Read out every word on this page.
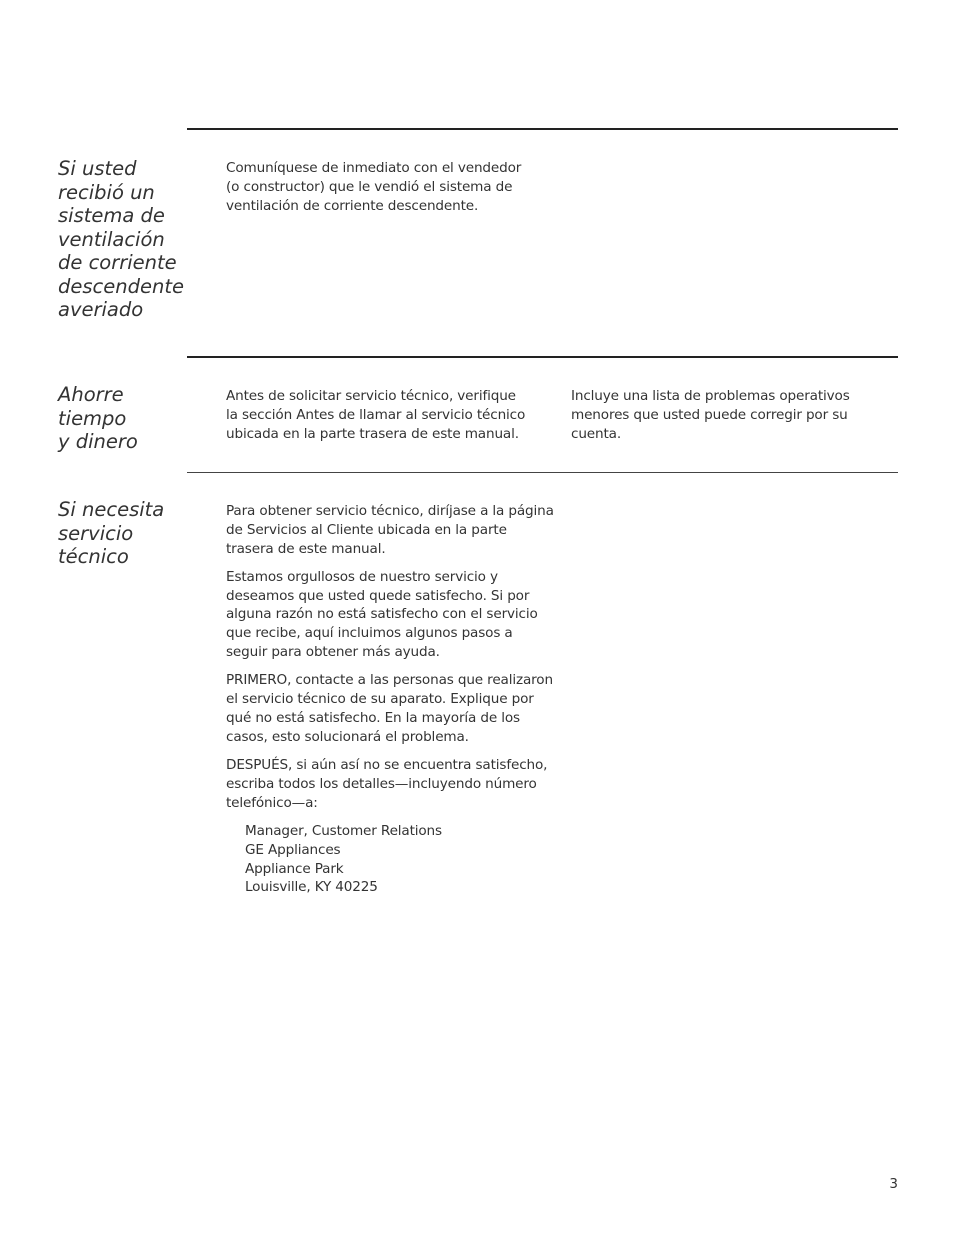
Si usted
recibió un
sistema de
ventilación
de corriente
descendente
averiado

Comuníquese de inmediato con el vendedor
(o constructor) que le vendió el sistema de
ventilación de corriente descendente.

Ahorre
tiempo
y dinero

Antes de solicitar servicio técnico, verifique
la sección Antes de llamar al servicio técnico
ubicada en la parte trasera de este manual.

Incluye una lista de problemas operativos
menores que usted puede corregir por su
cuenta.

Si necesita
servicio
técnico

Para obtener servicio técnico, diríjase a la página
de Servicios al Cliente ubicada en la parte
trasera de este manual.

Estamos orgullosos de nuestro servicio y
deseamos que usted quede satisfecho. Si por
alguna razón no está satisfecho con el servicio
que recibe, aquí incluimos algunos pasos a
seguir para obtener más ayuda.

PRIMERO, contacte a las personas que realizaron
el servicio técnico de su aparato. Explique por
qué no está satisfecho. En la mayoría de los
casos, esto solucionará el problema.

DESPUÉS, si aún así no se encuentra satisfecho,
escriba todos los detalles—incluyendo número
telefónico—a:

Manager, Customer Relations
GE Appliances
Appliance Park
Louisville, KY 40225
3
